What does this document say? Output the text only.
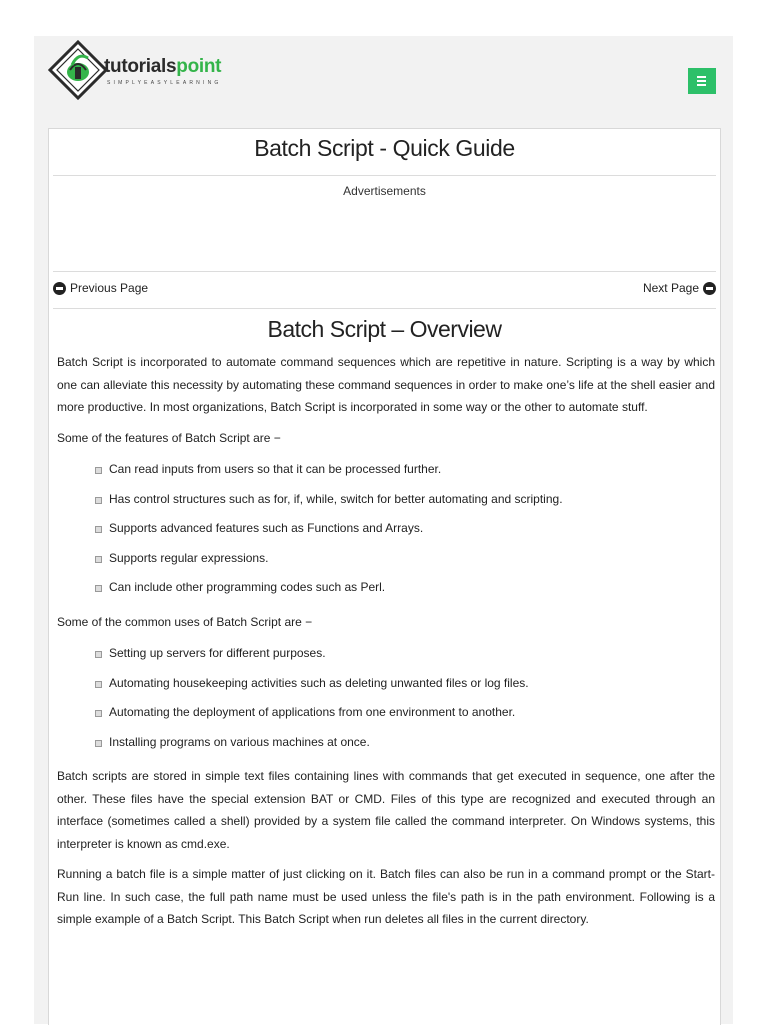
tutorialspoint
SIMPLYEASYLEARNING
Batch Script - Quick Guide
Advertisements
Previous Page	Next Page
Batch Script – Overview

Batch Script is incorporated to automate command sequences which are repetitive in nature. Scripting is a way by which one can alleviate this necessity by automating these command sequences in order to make one’s life at the shell easier and more productive. In most organizations, Batch Script is incorporated in some way or the other to automate stuff.

Some of the features of Batch Script are −

Can read inputs from users so that it can be processed further.
Has control structures such as for, if, while, switch for better automating and scripting.
Supports advanced features such as Functions and Arrays.
Supports regular expressions.
Can include other programming codes such as Perl.

Some of the common uses of Batch Script are −

Setting up servers for different purposes.
Automating housekeeping activities such as deleting unwanted files or log files.
Automating the deployment of applications from one environment to another.
Installing programs on various machines at once.

Batch scripts are stored in simple text files containing lines with commands that get executed in sequence, one after the other. These files have the special extension BAT or CMD. Files of this type are recognized and executed through an interface (sometimes called a shell) provided by a system file called the command interpreter. On Windows systems, this interpreter is known as cmd.exe.

Running a batch file is a simple matter of just clicking on it. Batch files can also be run in a command prompt or the Start-Run line. In such case, the full path name must be used unless the file's path is in the path environment. Following is a simple example of a Batch Script. This Batch Script when run deletes all files in the current directory.
